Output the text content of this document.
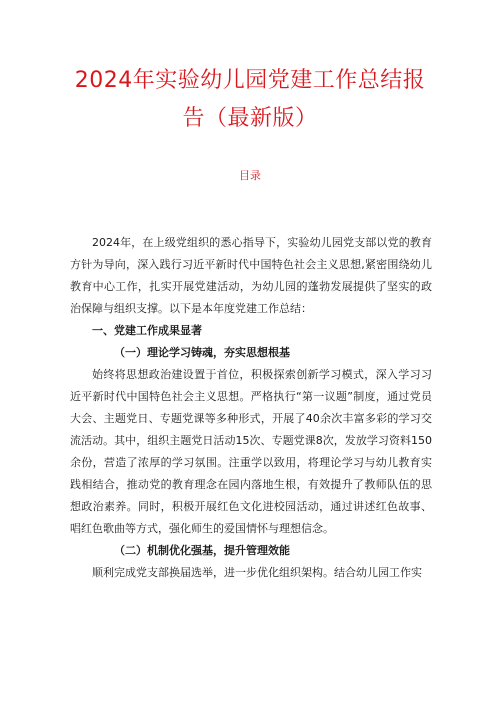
2024年实验幼儿园党建工作总结报
告（最新版）
目录

2024年，在上级党组织的悉心指导下，实验幼儿园党支部以党的教育方针为导向，深入践行习近平新时代中国特色社会主义思想,紧密围绕幼儿教育中心工作，扎实开展党建活动，为幼儿园的蓬勃发展提供了坚实的政治保障与组织支撑。以下是本年度党建工作总结：

一、党建工作成果显著

（一）理论学习铸魂，夯实思想根基

始终将思想政治建设置于首位，积极探索创新学习模式，深入学习习近平新时代中国特色社会主义思想。严格执行“第一议题”制度，通过党员大会、主题党日、专题党课等多种形式，开展了40余次丰富多彩的学习交流活动。其中，组织主题党日活动15次、专题党课8次，发放学习资料150余份，营造了浓厚的学习氛围。注重学以致用，将理论学习与幼儿教育实践相结合，推动党的教育理念在园内落地生根，有效提升了教师队伍的思想政治素养。同时，积极开展红色文化进校园活动，通过讲述红色故事、唱红色歌曲等方式，强化师生的爱国情怀与理想信念。

（二）机制优化强基，提升管理效能

顺利完成党支部换届选举，进一步优化组织架构。结合幼儿园工作实
